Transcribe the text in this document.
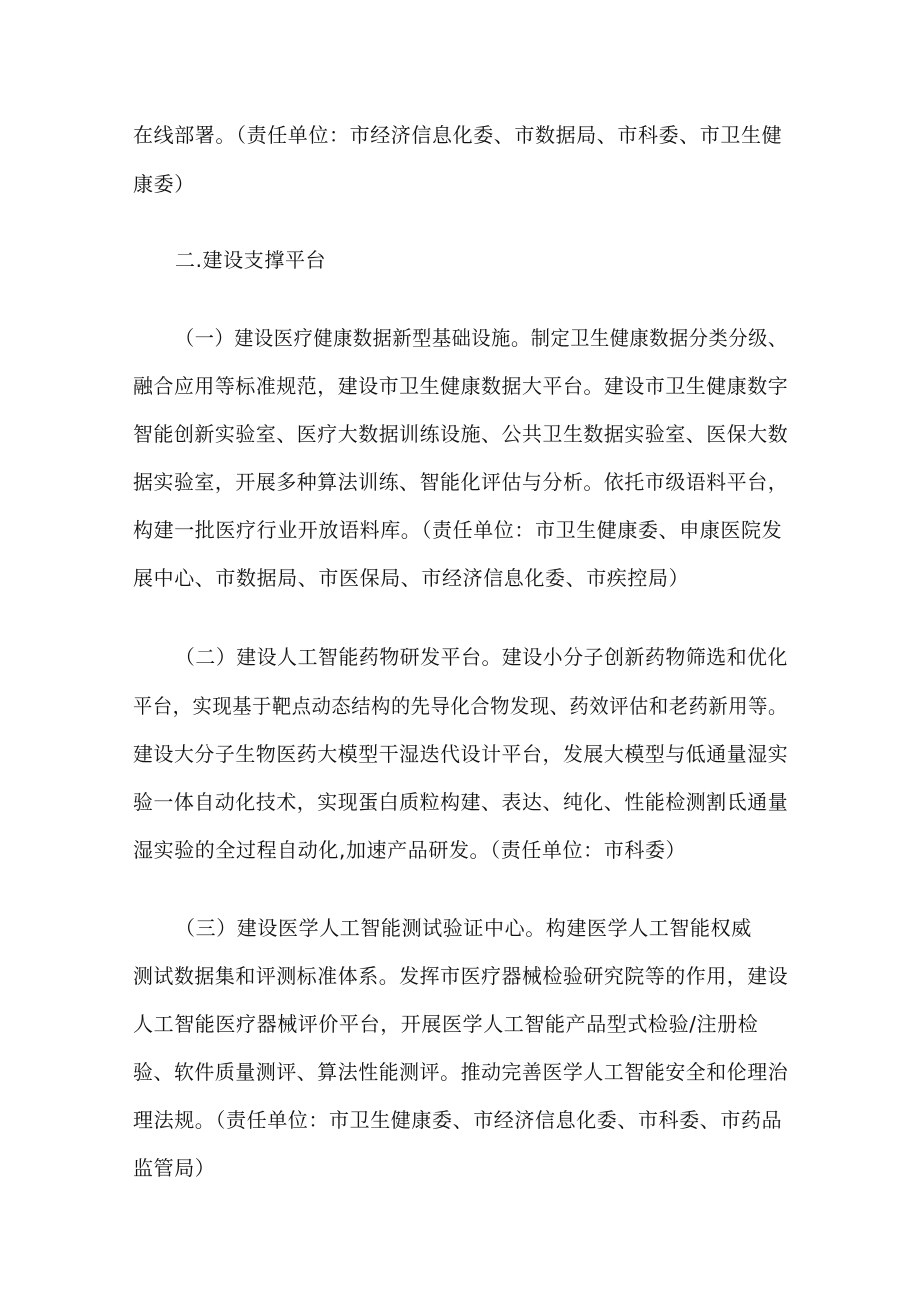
在线部署。（责任单位：市经济信息化委、市数据局、市科委、市卫生健
康委）
二.建设支撑平台
（一）建设医疗健康数据新型基础设施。制定卫生健康数据分类分级、
融合应用等标准规范，建设市卫生健康数据大平台。建设市卫生健康数字
智能创新实验室、医疗大数据训练设施、公共卫生数据实验室、医保大数
据实验室，开展多种算法训练、智能化评估与分析。依托市级语料平台，
构建一批医疗行业开放语料库。（责任单位：市卫生健康委、申康医院发
展中心、市数据局、市医保局、市经济信息化委、市疾控局）
（二）建设人工智能药物研发平台。建设小分子创新药物筛选和优化
平台，实现基于靶点动态结构的先导化合物发现、药效评估和老药新用等。
建设大分子生物医药大模型干湿迭代设计平台，发展大模型与低通量湿实
验一体自动化技术，实现蛋白质粒构建、表达、纯化、性能检测割氐通量
湿实验的全过程自动化,加速产品研发。（责任单位：市科委）
（三）建设医学人工智能测试验证中心。构建医学人工智能权威
测试数据集和评测标准体系。发挥市医疗器械检验研究院等的作用，建设
人工智能医疗器械评价平台，开展医学人工智能产品型式检验/注册检
验、软件质量测评、算法性能测评。推动完善医学人工智能安全和伦理治
理法规。（责任单位：市卫生健康委、市经济信息化委、市科委、市药品
监管局）
